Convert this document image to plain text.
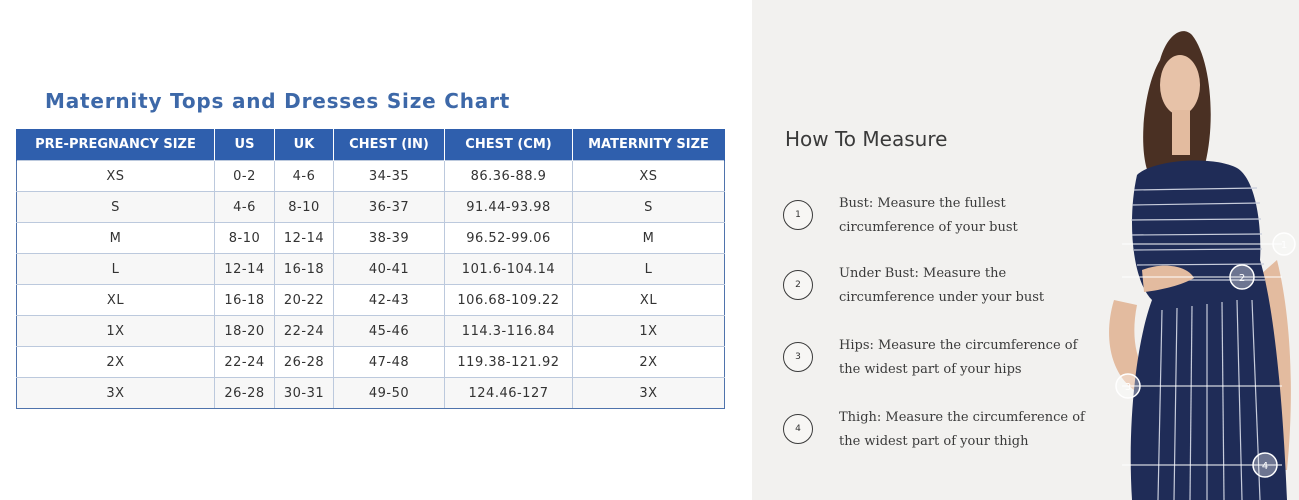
Maternity Tops and Dresses Size Chart
PRE-PREGNANCY SIZE	US	UK	CHEST (IN)	CHEST (CM)	MATERNITY SIZE
XS	0-2	4-6	34-35	86.36-88.9	XS
S	4-6	8-10	36-37	91.44-93.98	S
M	8-10	12-14	38-39	96.52-99.06	M
L	12-14	16-18	40-41	101.6-104.14	L
XL	16-18	20-22	42-43	106.68-109.22	XL
1X	18-20	22-24	45-46	114.3-116.84	1X
2X	22-24	26-28	47-48	119.38-121.92	2X
3X	26-28	30-31	49-50	124.46-127	3X
How To Measure
1
Bust: Measure the fullest circumference of your bust
2
Under Bust: Measure the circumference under your bust
3
Hips: Measure the circumference of the widest part of your hips
4
Thigh: Measure the circumference of the widest part of your thigh
1
2
3
4
